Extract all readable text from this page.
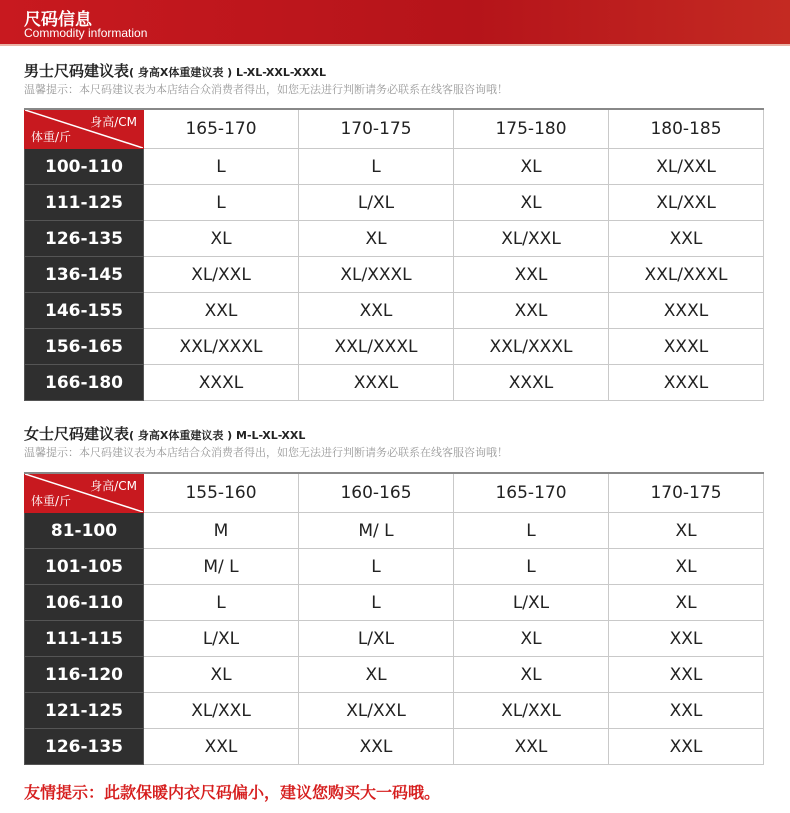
尺码信息
Commodity information
男士尺码建议表( 身高X体重建议表 ) L-XL-XXL-XXXL
温馨提示：本尺码建议表为本店结合众消费者得出，如您无法进行判断请务必联系在线客服咨询哦！
身高/CM
体重/斤	165-170	170-175	175-180	180-185
100-110	L	L	XL	XL/XXL
111-125	L	L/XL	XL	XL/XXL
126-135	XL	XL	XL/XXL	XXL
136-145	XL/XXL	XL/XXXL	XXL	XXL/XXXL
146-155	XXL	XXL	XXL	XXXL
156-165	XXL/XXXL	XXL/XXXL	XXL/XXXL	XXXL
166-180	XXXL	XXXL	XXXL	XXXL
女士尺码建议表( 身高X体重建议表 ) M-L-XL-XXL
温馨提示：本尺码建议表为本店结合众消费者得出，如您无法进行判断请务必联系在线客服咨询哦！
身高/CM
体重/斤	155-160	160-165	165-170	170-175
81-100	M	M/ L	L	XL
101-105	M/ L	L	L	XL
106-110	L	L	L/XL	XL
111-115	L/XL	L/XL	XL	XXL
116-120	XL	XL	XL	XXL
121-125	XL/XXL	XL/XXL	XL/XXL	XXL
126-135	XXL	XXL	XXL	XXL
友情提示：此款保暖内衣尺码偏小，建议您购买大一码哦。
